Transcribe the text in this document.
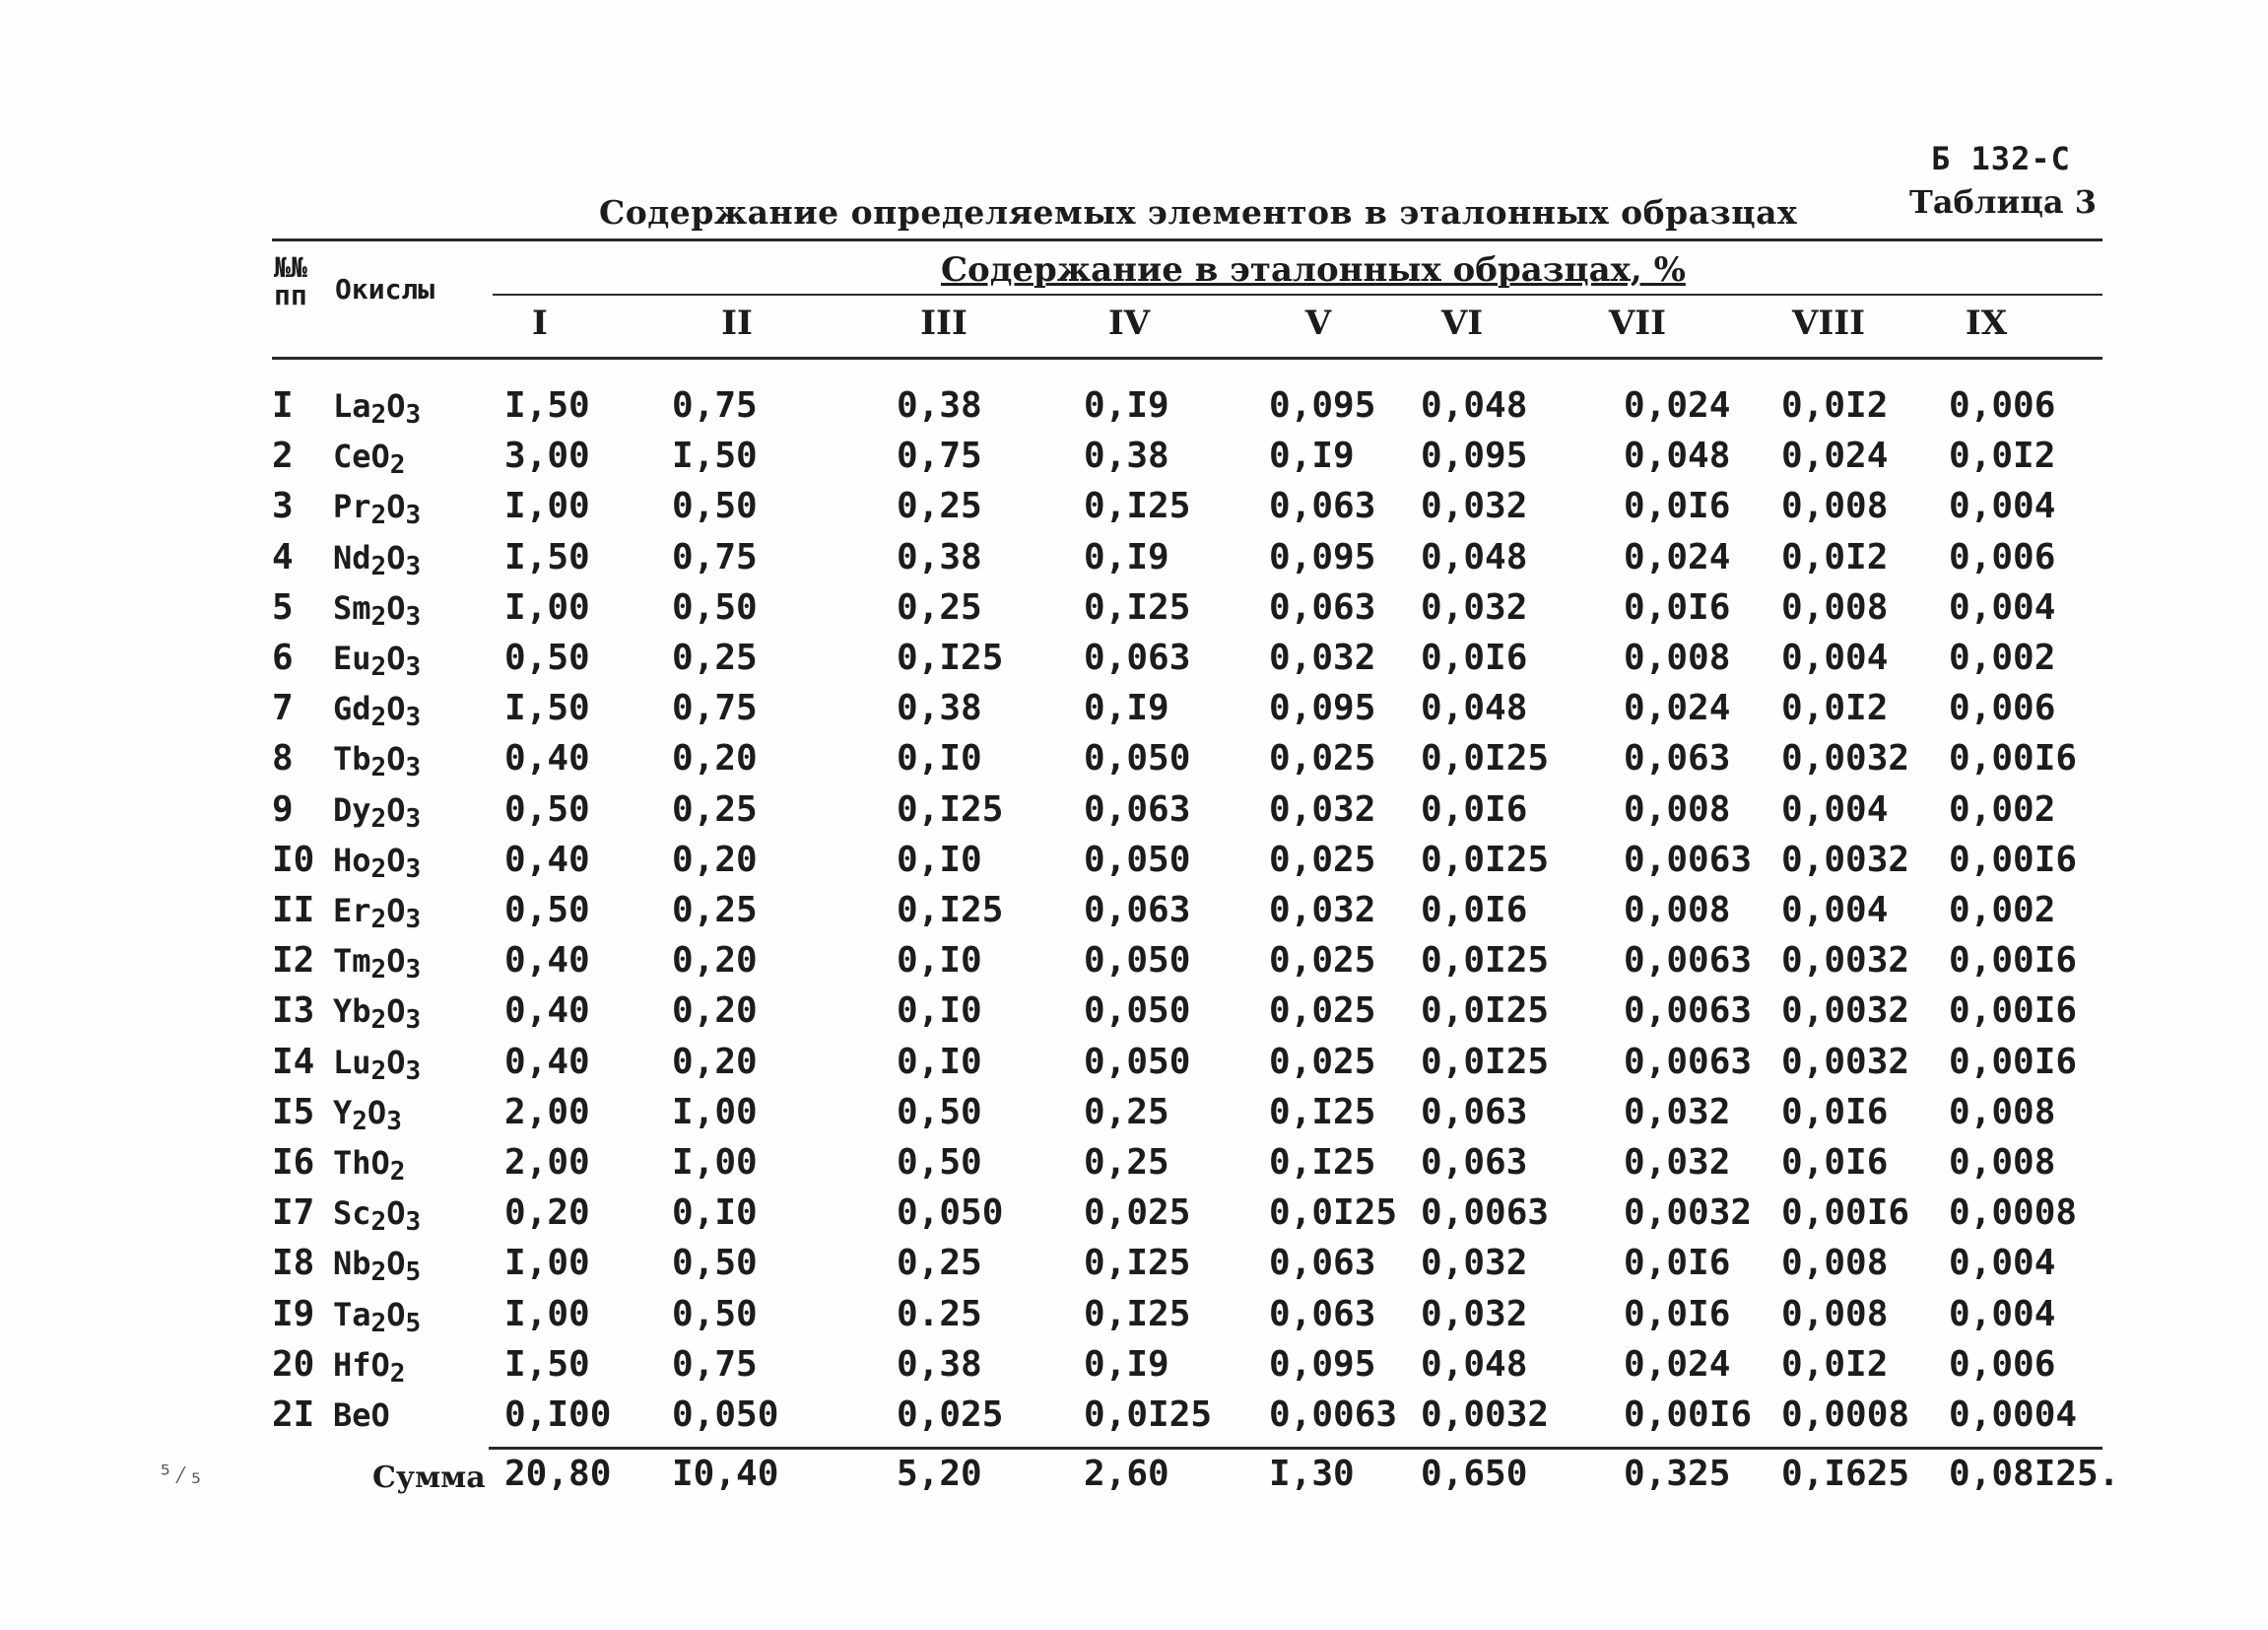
Б 132-С
Таблица 3
Содержание определяемых элементов в эталонных образцах
№№ пп	Окислы	Содержание в эталонных образцах, %
I	II	III	IV	V	VI	VII	VIII	IX
I $La_2O_3$ I,50 0,75	0,38	0,I9	0,095 0,048	0,024 0,0I2 0,006
2 CeO$_2$	3,00 I,50	0,75	0,38	0,I9 0,095	0,048 0,024 0,0I2
3 $Pr_2O_3$ I,00 0,50	0,25	0,I25 0,063 0,032	0,0I6 0,008 0,004
4 $Nd_2O_3$ I,50 0,75	0,38	0,I9	0,095 0,048	0,024 0,0I2 0,006
5 $Sm_2O_3$ I,00 0,50	0,25	0,I25 0,063 0,032	0,0I6 0,008 0,004
6 $Eu_2O_3$ 0,50 0,25	0,I25 0,063 0,032 0,0I6	0,008 0,004 0,002
7 $Gd_2O_3$ I,50 0,75	0,38	0,I9	0,095 0,048	0,024 0,0I2 0,006
8 $Tb_2O_3$ 0,40 0,20	0,I0	0,050 0,025 0,0I25 0,063 0,0032 0,00I6
9 $Dy_2O_3$ 0,50 0,25	0,I25 0,063 0,032 0,0I6	0,008 0,004 0,002
I0 $Ho_2O_3$ 0,40 0,20	0,I0	0,050 0,025 0,0I25 0,0063 0,0032 0,00I6
II $Er_2O_3$ 0,50 0,25	0,I25 0,063 0,032 0,0I6	0,008 0,004 0,002
I2 $Tm_2O_3$ 0,40 0,20	0,I0	0,050 0,025 0,0I25 0,0063 0,0032 0,00I6
I3 $Yb_2O_3$ 0,40 0,20	0,I0	0,050 0,025 0,0I25 0,0063 0,0032 0,00I6
I4 $Lu_2O_3$ 0,40 0,20	0,I0	0,050 0,025 0,0I25 0,0063 0,0032 0,00I6
I5 $Y_2O_3$	2,00 I,00	0,50	0,25	0,I25 0,063	0,032 0,0I6 0,008
I6 ThO$_2$	2,00 I,00	0,50	0,25	0,I25 0,063	0,032 0,0I6 0,008
I7 $Sc_2O_3$ 0,20 0,I0	0,050 0,025 0,0I25 0,0063 0,0032 0,00I6 0,0008
I8 $Nb_2O_5$ I,00 0,50	0,25	0,I25 0,063 0,032	0,0I6 0,008 0,004
I9 $Ta_2O_5$ I,00 0,50	0.25	0,I25 0,063 0,032	0,0I6 0,008 0,004
20 HfO$_2$	I,50 0,75	0,38	0,I9	0,095 0,048	0,024 0,0I2 0,006
2I BeO	0,I00 0,050	0,025 0,0I25 0,0063 0,0032 0,00I6 0,0008 0,0004
Сумма 20,80 I0,40	5,20	2,60	I,30 0,650	0,325 0,I625 0,08I25.
⁵⁄₅
